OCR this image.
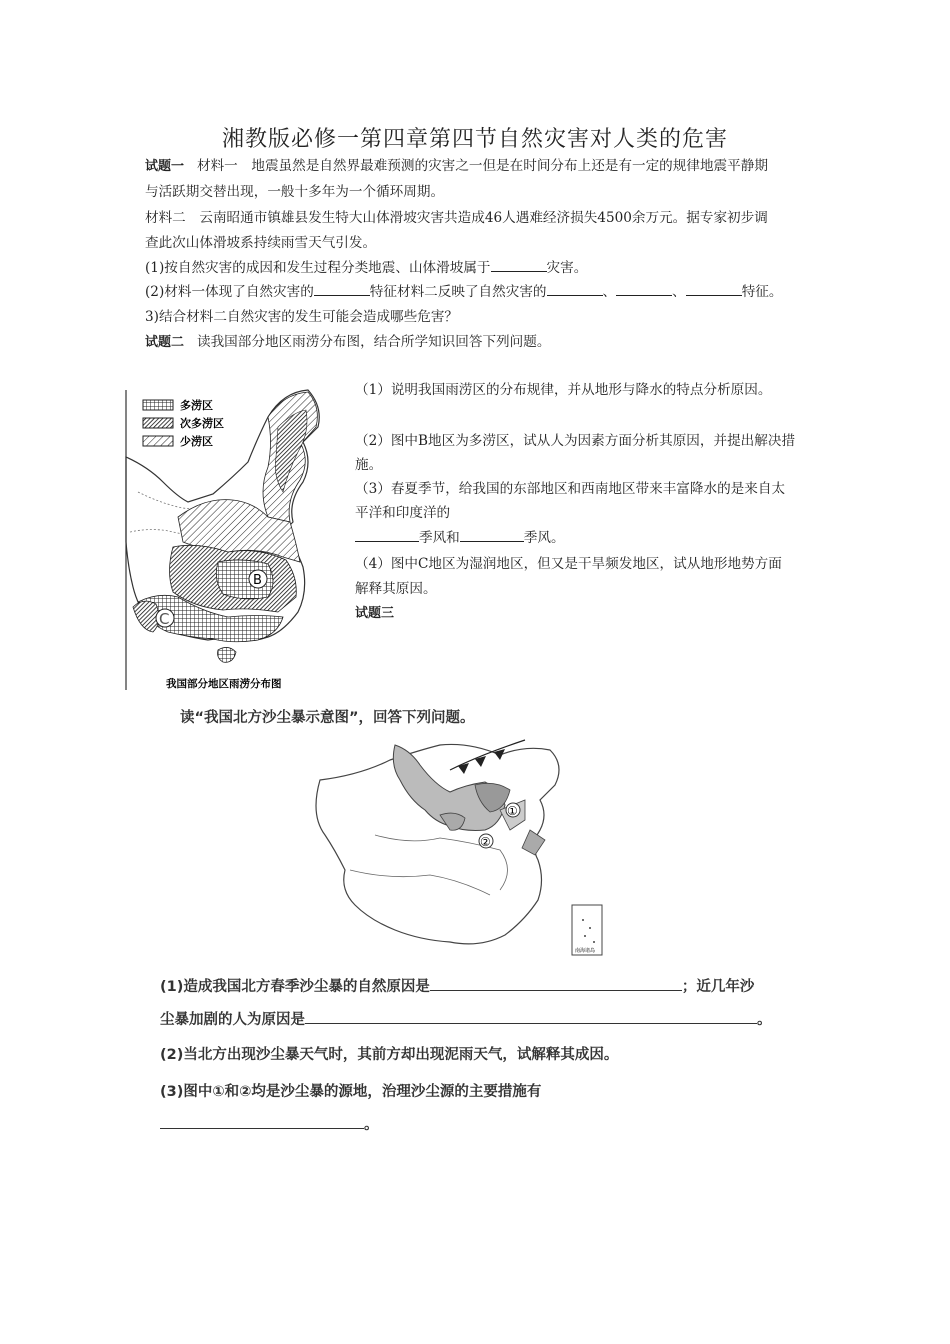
湘教版必修一第四章第四节自然灾害对人类的危害
试题一 材料一　地震虽然是自然界最难预测的灾害之一但是在时间分布上还是有一定的规律地震平静期
与活跃期交替出现，一般十多年为一个循环周期。
材料二　云南昭通市镇雄县发生特大山体滑坡灾害共造成46人遇难经济损失4500余万元。据专家初步调
查此次山体滑坡系持续雨雪天气引发。
(1)按自然灾害的成因和发生过程分类地震、山体滑坡属于	灾害。
(2)材料一体现了自然灾害的	特征材料二反映了自然灾害的	、	、	特征。
3)结合材料二自然灾害的发生可能会造成哪些危害？
试题二 读我国部分地区雨涝分布图，结合所学知识回答下列问题。
多涝区
次多涝区
少涝区
B
C
我国部分地区雨涝分布图
（1）说明我国雨涝区的分布规律，并从地形与降水的特点分析原因。
（2）图中B地区为多涝区，试从人为因素方面分析其原因，并提出解决措
施。
（3）春夏季节，给我国的东部地区和西南地区带来丰富降水的是来自太
平洋和印度洋的
季风和	季风。
（4）图中C地区为湿润地区，但又是干旱频发地区，试从地形地势方面
解释其原因。
试题三
读“我国北方沙尘暴示意图”，回答下列问题。
①
②
南海诸岛
(1)造成我国北方春季沙尘暴的自然原因是	；近几年沙
尘暴加剧的人为原因是	。
(2)当北方出现沙尘暴天气时，其前方却出现泥雨天气，试解释其成因。
(3)图中①和②均是沙尘暴的源地，治理沙尘源的主要措施有
。
